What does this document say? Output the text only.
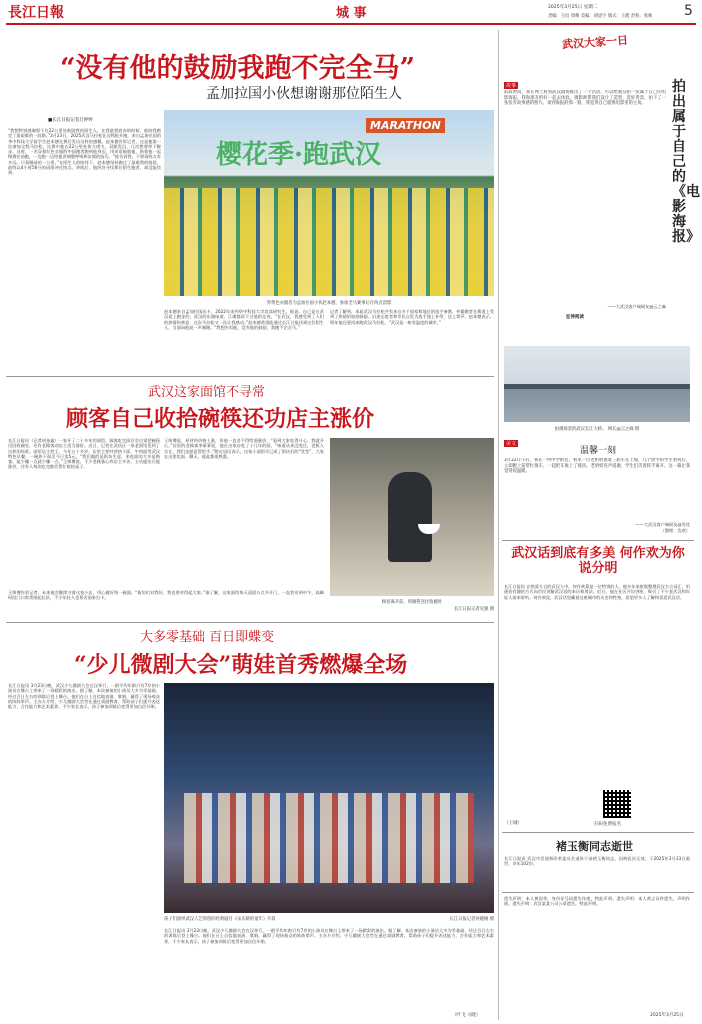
長江日報	2025年3月25日 星期二
责编：王衍 周峰 美编：胡思宇 版式：王鹤 责校：张帅
城 事	5
“没有他的鼓励我跑不完全马”
孟加拉国小伙想谢谢那位陌生人
■长江日报记者吕婷婷
“我想特别感谢那个在22公里处鼓励我的陌生人。在我最想放弃的时候，他陪我跑完了最艰难的一段路。”3月23日，2025武汉马拉松在汉鸣枪开跑，来自孟加拉国的华中科技大学留学生赵本德在赛后发出这样的感慨。赵本德告诉记者，这是他第一次参加全程马拉松，比赛中他在22公里处体力透支，双腿发沉，几次想要停下脚步。这时，一名穿着红色衣服的中国跑者跑到他身边，用英语鼓励他，陪着他一起慢慢往前跑，一边跑一边给他讲调整呼吸和步频的技巧。“他告诉我，不要看终点有多远，只看眼前的一公里。”在陌生人的陪伴下，赵本德坚持跑过了最难熬的路段，最终以4小时56分的成绩冲过终点。冲线后，他四处寻找那位陌生跑者，却没能找到。
MARATHON
樱花季·跑武汉
穿黄色衣服者为孟加拉国小伙赵本德，参加全马赛事后在终点留影
赵本德来自孟加拉国达卡，2022年来到华中科技大学攻读研究生。他说，自己是在武汉爱上跑步的，武汉的东湖绿道、江滩都留下过他的足迹。“在武汉，我感受到了人们的热情和善意，这次马拉松又一次让我感动。”赵本德希望能通过长江日报找到这位陌生人，当面向他说一声谢谢。“我想告诉他，没有他的鼓励，我跑不完全马。”
记者了解到，本届武汉马拉松共有来自多个国家和地区的选手参赛，外籍跑者在赛道上受到了热情的加油鼓励。沿途志愿者和市民自发为选手递上补给，送上掌声。赵本德表示，明年他还要再来跑武汉马拉松，“武汉是一座有温度的城市。”
武汉这家面馆不寻常
顾客自己收拾碗筷还功店主涨价
长江日报讯（记者胡金鑫）一家开了二十多年的面馆，顾客吃完面后会自觉把碗筷送回收碗处，还有老顾客劝店主适当涨价。近日，记者在武昌区一家老面馆见到了这样的场景。面馆店主姓王，今年五十多岁，店里主要经营热干面、牛肉面等武汉特色早餐，一碗热干面至今只卖5元。“我们做的是街坊生意，来吃面的大多是熟客，能少赚一点就少赚一点。”王师傅说。不少老顾客心疼店主辛苦，主动提出让他涨价，还有人每次吃完都会帮忙收拾桌子。
王师傅说，原材料价格上涨，但他一直舍不得给面涨价，“看到大家吃得开心，我就开心。”店里的老顾客李爹爹说，他在这家店吃了十几年的面，“味道从来没变过，老板人实在，我们也愿意帮把手。”附近居民表示，这家小面馆早已成了街坊们的“食堂”，大家在这里吃面、聊天，彼此都很熟悉。
顾客离开前，将碗筷送往收碗处
长江日报记者史强 摄
王师傅告诉记者，未来他会继续守着这家小店，用心做好每一碗面。“街坊们对我好，我也要对得起大家。”据了解，这家面馆每天清晨五点多开门，一直营业到中午，高峰时段门口常常排起长队，不少年轻人也慕名前来打卡。
大多零基础 百日即蝶变
“少儿微剧大会”萌娃首秀燃爆全场
长江日报讯 3月23日晚，武汉少儿微剧大会在汉举行，一群平均年龄只有7岁的小演员在舞台上带来了一场精彩的演出。据了解，本次参演的小演员大多为零基础，经过百日左右的训练后登上舞台。他们在台上自信地表演、歌唱，赢得了现场观众的阵阵掌声。主办方介绍，少儿微剧大会旨在通过戏剧教育，帮助孩子们提升表达能力、合作能力和艺术素养。不少家长表示，孩子参加训练后变得更加自信开朗。
孩子们演绎武汉人艺原创的经典剧目《宋庆龄的童年》片段	长江日报记者何晓刚 摄
长江日报讯 3月23日晚，武汉少儿微剧大会在汉举行，一群平均年龄只有7岁的小演员在舞台上带来了一场精彩的演出。据了解，本次参演的小演员大多为零基础，经过百日左右的训练后登上舞台。他们在台上自信地表演、歌唱，赢得了现场观众的阵阵掌声。主办方介绍，少儿微剧大会旨在通过戏剧教育，帮助孩子们提升表达能力、合作能力和艺术素养。不少家长表示，孩子参加训练后变得更加自信开朗。
（叶飞 马晓）
武汉大家一日
拍出属于自己的《电影海报》
故事
前段时间，我在网上看到武汉剧场推出了一个活动，可以给观众拍一张属于自己的电影海报。我和朋友约好一起去体验。摄影师帮我们设计了造型，选好背景，拍下了一张张有故事感的照片。拿到海报的那一刻，我觉得自己就像电影里的主角。
——大武汉客户端网友@云之麻
征伸阅读
拍摄场景的武汉长江大桥。 网友@云之麻 摄
美文
温馨一刻
3月22日午后，我在一所中学附近，看见一位老奶奶推着三轮车在上坡，几个放学的学生看到后，立即跑上前帮忙推车，一起把车推上了坡顶。老奶奶连声道谢，学生们笑着挥手离开。这一幕让我觉得很温暖。
——大武汉客户端网友@雪花
（整理：沈欢）
武汉话到底有多美 何作欢为你说分明
长江日报讯 在热爱方言的武汉人中，何作欢算是一位特别的人。他多年来收集整理武汉方言词汇，用通俗有趣的方式向市民讲解武汉话的来历和用法。近日，他在社区开设讲座，吸引了不少老武汉和年轻人前来聆听。何作欢说，武汉话里藏着这座城市的历史和性格，希望更多人了解和喜爱武汉话。
（王城）	扫码免费报名
褚玉衡同志逝世
长江日报讯 武汉市发展和改革委员会退休干部褚玉衡同志，因病医治无效，于2025年3月23日逝世，享年102岁。
遗失声明：本人黄国华，身份证号码遗失作废，特此声明。遗失声明：本人黄义证件遗失，声明作废。遗失声明：武汉某某公司公章遗失，特此声明。
2025年3月25日
